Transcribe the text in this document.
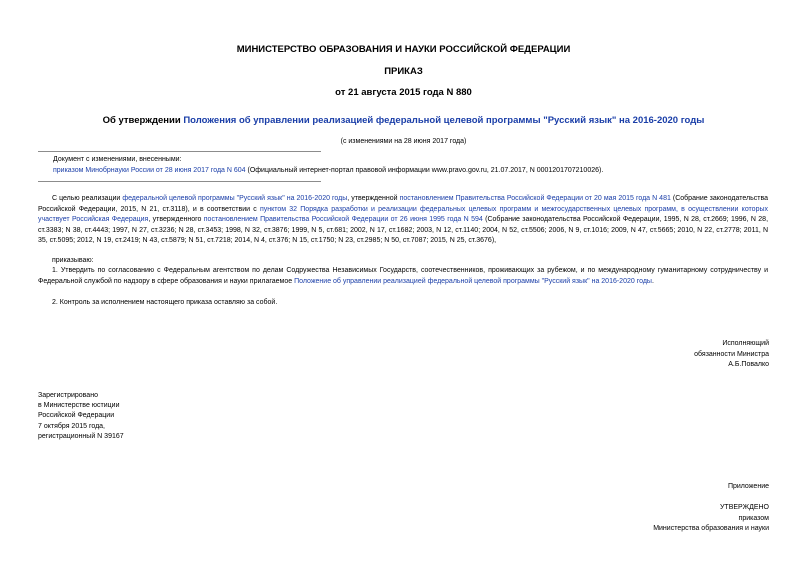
МИНИСТЕРСТВО ОБРАЗОВАНИЯ И НАУКИ РОССИЙСКОЙ ФЕДЕРАЦИИ
ПРИКАЗ
от 21 августа 2015 года N 880
Об утверждении Положения об управлении реализацией федеральной целевой программы "Русский язык" на 2016-2020 годы
(с изменениями на 28 июня 2017 года)
Документ с изменениями, внесенными:
приказом Минобрнауки России от 28 июня 2017 года N 604 (Официальный интернет-портал правовой информации www.pravo.gov.ru, 21.07.2017, N 0001201707210026).
С целью реализации федеральной целевой программы "Русский язык" на 2016-2020 годы, утвержденной постановлением Правительства Российской Федерации от 20 мая 2015 года N 481 (Собрание законодательства Российской Федерации, 2015, N 21, ст.3118), и в соответствии с пунктом 32 Порядка разработки и реализации федеральных целевых программ и межгосударственных целевых программ, в осуществлении которых участвует Российская Федерация, утвержденного постановлением Правительства Российской Федерации от 26 июня 1995 года N 594 (Собрание законодательства Российской Федерации, 1995, N 28, ст.2669; 1996, N 28, ст.3383; N 38, ст.4443; 1997, N 27, ст.3236; N 28, ст.3453; 1998, N 32, ст.3876; 1999, N 5, ст.681; 2002, N 17, ст.1682; 2003, N 12, ст.1140; 2004, N 52, ст.5506; 2006, N 9, ст.1016; 2009, N 47, ст.5665; 2010, N 22, ст.2778; 2011, N 35, ст.5095; 2012, N 19, ст.2419; N 43, ст.5879; N 51, ст.7218; 2014, N 4, ст.376; N 15, ст.1750; N 23, ст.2985; N 50, ст.7087; 2015, N 25, ст.3676),
приказываю:
1. Утвердить по согласованию с Федеральным агентством по делам Содружества Независимых Государств, соотечественников, проживающих за рубежом, и по международному гуманитарному сотрудничеству и Федеральной службой по надзору в сфере образования и науки прилагаемое Положение об управлении реализацией федеральной целевой программы "Русский язык" на 2016-2020 годы.
2. Контроль за исполнением настоящего приказа оставляю за собой.
Исполняющий
обязанности Министра
А.Б.Повалко
Зарегистрировано
в Министерстве юстиции
Российской Федерации
7 октября 2015 года,
регистрационный N 39167
Приложение
УТВЕРЖДЕНО
приказом
Министерства образования и науки
